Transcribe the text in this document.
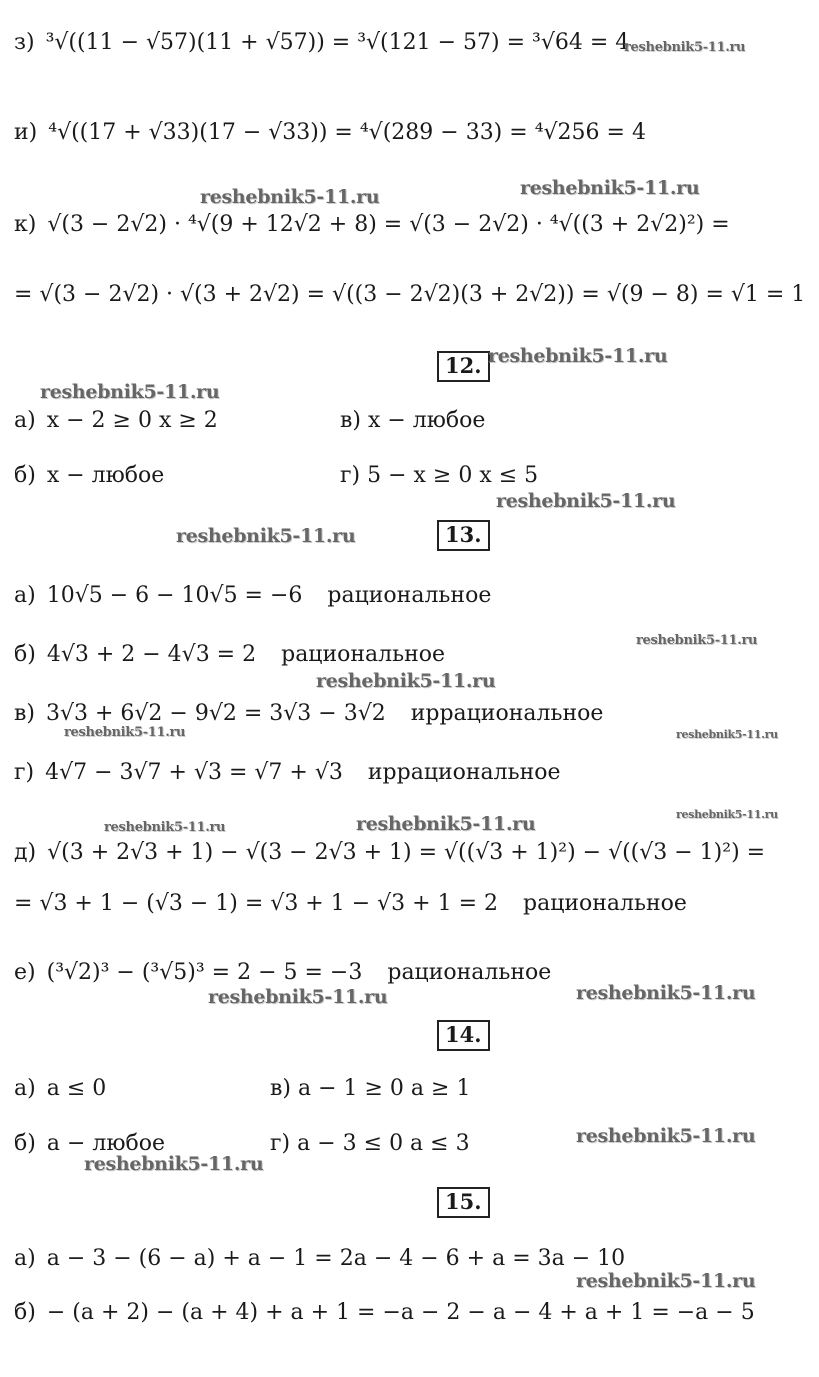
з) ³√((11 − √57)(11 + √57)) = ³√(121 − 57) = ³√64 = 4
и) ⁴√((17 + √33)(17 − √33)) = ⁴√(289 − 33) = ⁴√256 = 4
к) √(3 − 2√2) · ⁴√(9 + 12√2 + 8) = √(3 − 2√2) · ⁴√((3 + 2√2)²) =
= √(3 − 2√2) · √(3 + 2√2) = √((3 − 2√2)(3 + 2√2)) = √(9 − 8) = √1 = 1
12.
а) x − 2 ≥ 0 x ≥ 2	в) x − любое
б) x − любое	г) 5 − x ≥ 0 x ≤ 5
13.
а) 10√5 − 6 − 10√5 = −6 рациональное
б) 4√3 + 2 − 4√3 = 2 рациональное
в) 3√3 + 6√2 − 9√2 = 3√3 − 3√2 иррациональное
г) 4√7 − 3√7 + √3 = √7 + √3 иррациональное
д) √(3 + 2√3 + 1) − √(3 − 2√3 + 1) = √((√3 + 1)²) − √((√3 − 1)²) =
= √3 + 1 − (√3 − 1) = √3 + 1 − √3 + 1 = 2 рациональное
е) (³√2)³ − (³√5)³ = 2 − 5 = −3 рациональное
14.
а) a ≤ 0	в) a − 1 ≥ 0 a ≥ 1
б) a − любое	г) a − 3 ≤ 0 a ≤ 3
15.
а) a − 3 − (6 − a) + a − 1 = 2a − 4 − 6 + a = 3a − 10
б) − (a + 2) − (a + 4) + a + 1 = −a − 2 − a − 4 + a + 1 = −a − 5
reshebnik5-11.ru
reshebnik5-11.ru	reshebnik5-11.ru
reshebnik5-11.ru
reshebnik5-11.ru
reshebnik5-11.ru
reshebnik5-11.ru
reshebnik5-11.ru
reshebnik5-11.ru
reshebnik5-11.ru	reshebnik5-11.ru
reshebnik5-11.ru	reshebnik5-11.ru	reshebnik5-11.ru
reshebnik5-11.ru	reshebnik5-11.ru
reshebnik5-11.ru
reshebnik5-11.ru
reshebnik5-11.ru
